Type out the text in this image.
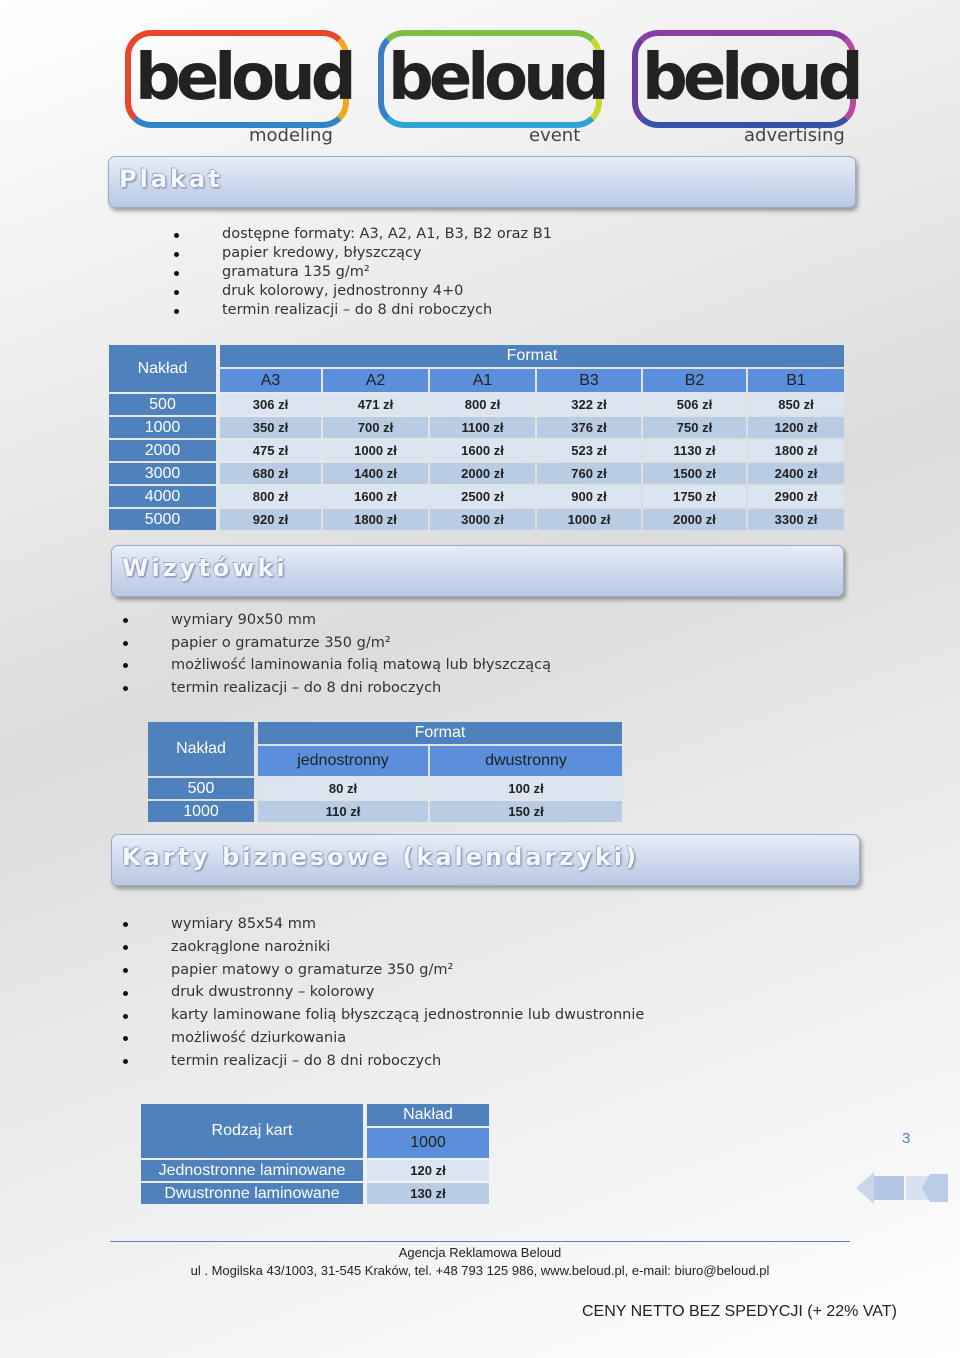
beloud
modeling
beloud
event
beloud
advertising
Plakat
dostępne formaty: A3, A2, A1, B3, B2 oraz B1
papier kredowy, błyszczący
gramatura 135 g/m²
druk kolorowy, jednostronny 4+0
termin realizacji – do 8 dni roboczych
Nakład
Format
A3	A2	A1	B3	B2	B1
500	306 zł	471 zł	800 zł	322 zł	506 zł	850 zł
1000	350 zł	700 zł	1100 zł	376 zł	750 zł	1200 zł
2000	475 zł	1000 zł	1600 zł	523 zł	1130 zł	1800 zł
3000	680 zł	1400 zł	2000 zł	760 zł	1500 zł	2400 zł
4000	800 zł	1600 zł	2500 zł	900 zł	1750 zł	2900 zł
5000	920 zł	1800 zł	3000 zł	1000 zł	2000 zł	3300 zł
Wizytówki
wymiary 90x50 mm
papier o gramaturze 350 g/m²
możliwość laminowania folią matową lub błyszczącą
termin realizacji – do 8 dni roboczych
Nakład
Format
jednostronny	dwustronny
500	80 zł	100 zł
1000	110 zł	150 zł
Karty biznesowe (kalendarzyki)
wymiary 85x54 mm
zaokrąglone narożniki
papier matowy o gramaturze 350 g/m²
druk dwustronny – kolorowy
karty laminowane folią błyszczącą jednostronnie lub dwustronnie
możliwość dziurkowania
termin realizacji – do 8 dni roboczych
Rodzaj kart
Nakład
1000
Jednostronne laminowane	120 zł
Dwustronne laminowane	130 zł
3
Agencja Reklamowa Beloud
ul . Mogilska 43/1003, 31-545 Kraków, tel. +48 793 125 986, www.beloud.pl, e-mail: biuro@beloud.pl
CENY NETTO BEZ SPEDYCJI (+ 22% VAT)
